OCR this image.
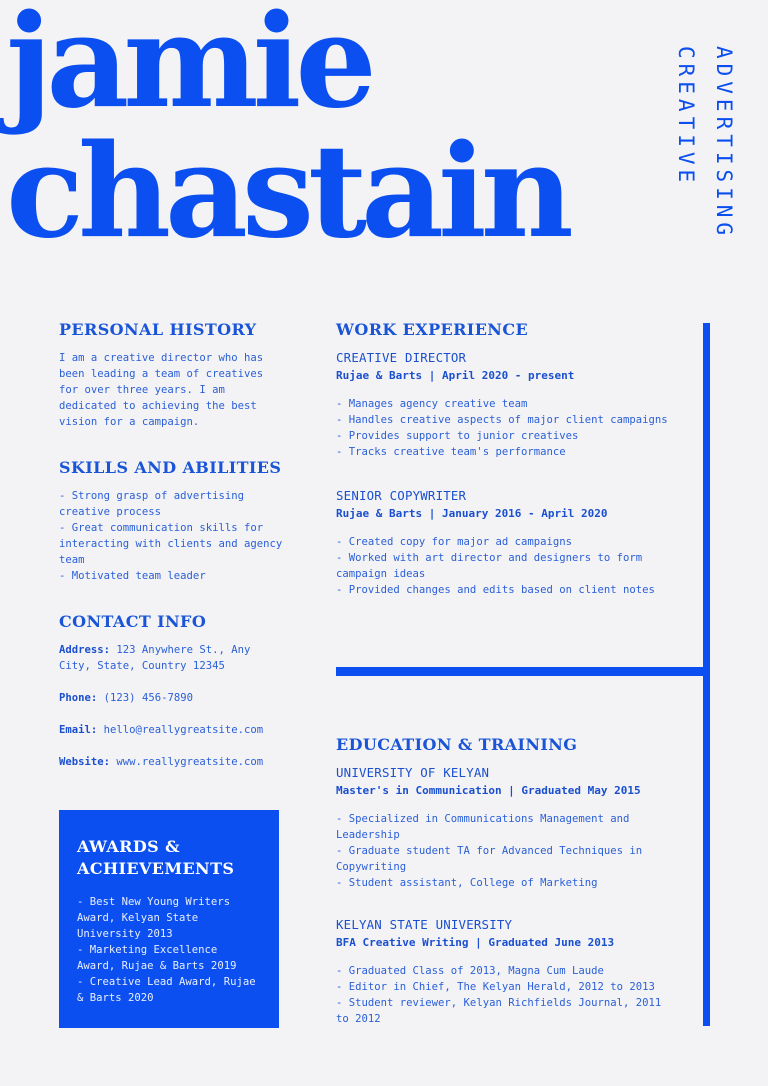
jamie
chastain	ADVERTISING
CREATIVE
PERSONAL HISTORY

I am a creative director who has been leading a team of creatives for over three years. I am dedicated to achieving the best vision for a campaign.

SKILLS AND ABILITIES
- Strong grasp of advertising creative process
- Great communication skills for interacting with clients and agency team
- Motivated team leader
CONTACT INFO

Address: 123 Anywhere St., Any City, State, Country 12345

Phone: (123) 456-7890

Email: hello@reallygreatsite.com

Website: www.reallygreatsite.com

AWARDS &
ACHIEVEMENTS
- Best New Young Writers Award, Kelyan State University 2013
- Marketing Excellence Award, Rujae & Barts 2019
- Creative Lead Award, Rujae & Barts 2020
WORK EXPERIENCE
CREATIVE DIRECTOR
Rujae & Barts | April 2020 - present
- Manages agency creative team
- Handles creative aspects of major client campaigns
- Provides support to junior creatives
- Tracks creative team's performance
SENIOR COPYWRITER
Rujae & Barts | January 2016 - April 2020
- Created copy for major ad campaigns
- Worked with art director and designers to form campaign ideas
- Provided changes and edits based on client notes
EDUCATION & TRAINING
UNIVERSITY OF KELYAN
Master's in Communication | Graduated May 2015
- Specialized in Communications Management and Leadership
- Graduate student TA for Advanced Techniques in Copywriting
- Student assistant, College of Marketing
KELYAN STATE UNIVERSITY
BFA Creative Writing | Graduated June 2013
- Graduated Class of 2013, Magna Cum Laude
- Editor in Chief, The Kelyan Herald, 2012 to 2013
- Student reviewer, Kelyan Richfields Journal, 2011 to 2012
